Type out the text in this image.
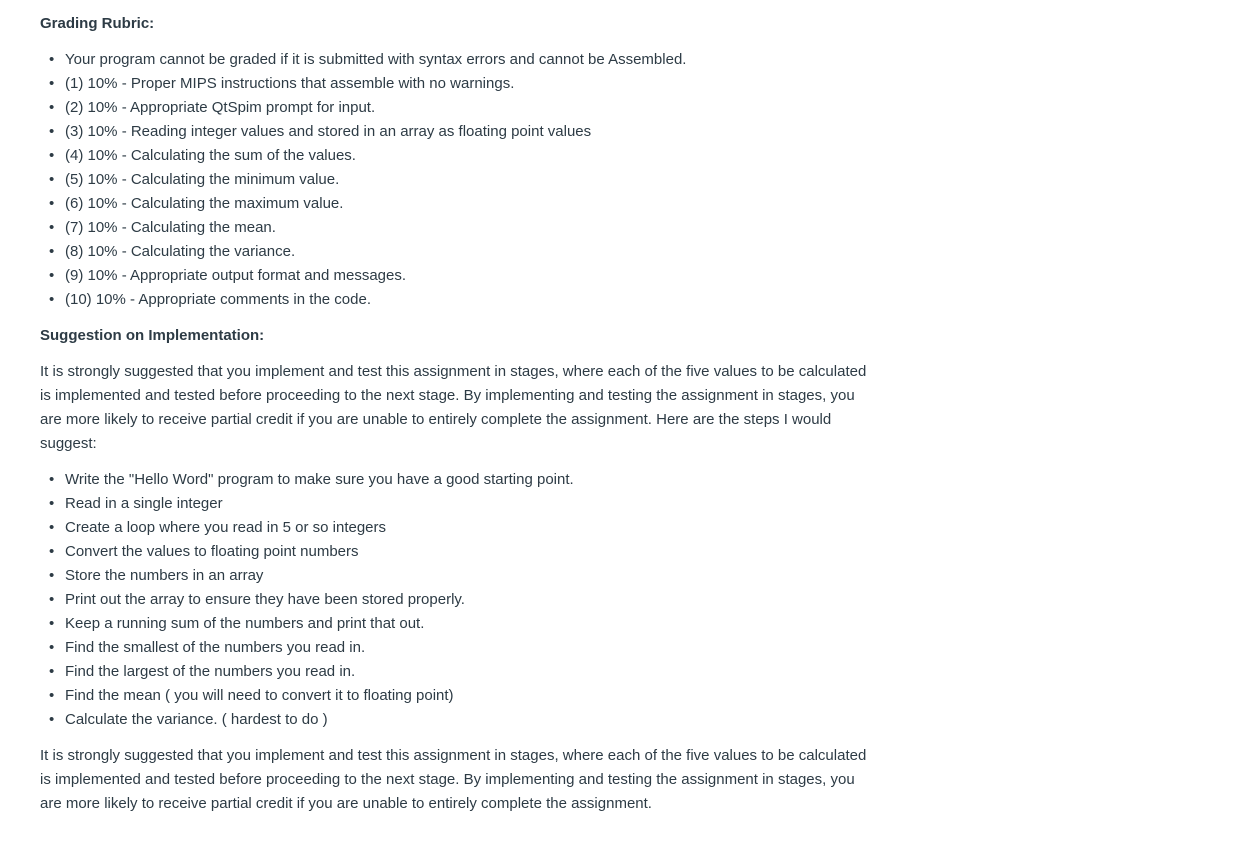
Grading Rubric:

• Your program cannot be graded if it is submitted with syntax errors and cannot be Assembled.
• (1) 10% - Proper MIPS instructions that assemble with no warnings.
• (2) 10% - Appropriate QtSpim prompt for input.
• (3) 10% - Reading integer values and stored in an array as floating point values
• (4) 10% - Calculating the sum of the values.
• (5) 10% - Calculating the minimum value.
• (6) 10% - Calculating the maximum value.
• (7) 10% - Calculating the mean.
• (8) 10% - Calculating the variance.
• (9) 10% - Appropriate output format and messages.
• (10) 10% - Appropriate comments in the code.

Suggestion on Implementation:

It is strongly suggested that you implement and test this assignment in stages, where each of the five values to be calculated is implemented and tested before proceeding to the next stage. By implementing and testing the assignment in stages, you are more likely to receive partial credit if you are unable to entirely complete the assignment. Here are the steps I would suggest:

• Write the "Hello Word" program to make sure you have a good starting point.
• Read in a single integer
• Create a loop where you read in 5 or so integers
• Convert the values to floating point numbers
• Store the numbers in an array
• Print out the array to ensure they have been stored properly.
• Keep a running sum of the numbers and print that out.
• Find the smallest of the numbers you read in.
• Find the largest of the numbers you read in.
• Find the mean ( you will need to convert it to floating point)
• Calculate the variance. ( hardest to do )

It is strongly suggested that you implement and test this assignment in stages, where each of the five values to be calculated is implemented and tested before proceeding to the next stage. By implementing and testing the assignment in stages, you are more likely to receive partial credit if you are unable to entirely complete the assignment.
